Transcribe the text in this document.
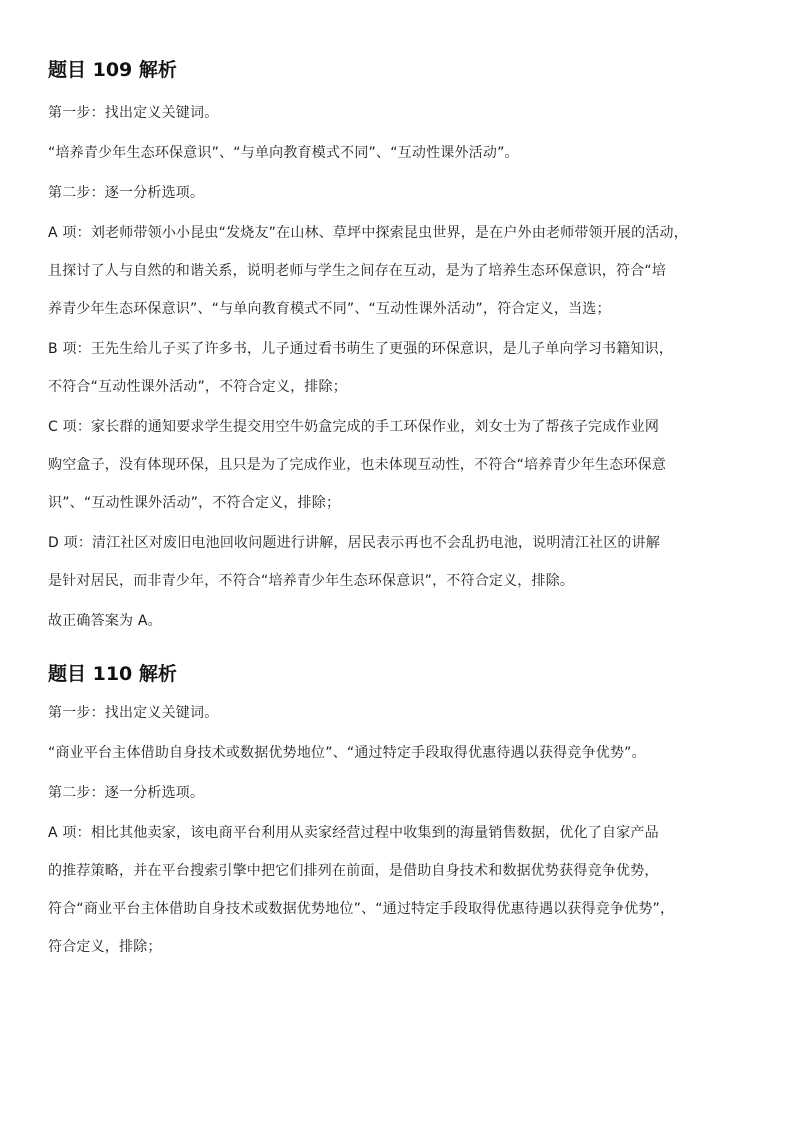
题目 109 解析

第一步：找出定义关键词。

“培养青少年生态环保意识”、“与单向教育模式不同”、“互动性课外活动”。

第二步：逐一分析选项。

A 项：刘老师带领小小昆虫“发烧友”在山林、草坪中探索昆虫世界，是在户外由老师带领开展的活动，

且探讨了人与自然的和谐关系，说明老师与学生之间存在互动，是为了培养生态环保意识，符合“培

养青少年生态环保意识”、“与单向教育模式不同”、“互动性课外活动”，符合定义，当选；

B 项：王先生给儿子买了许多书，儿子通过看书萌生了更强的环保意识，是儿子单向学习书籍知识，

不符合“互动性课外活动”，不符合定义，排除；

C 项：家长群的通知要求学生提交用空牛奶盒完成的手工环保作业，刘女士为了帮孩子完成作业网

购空盒子，没有体现环保，且只是为了完成作业，也未体现互动性，不符合“培养青少年生态环保意

识”、“互动性课外活动”，不符合定义，排除；

D 项：清江社区对废旧电池回收问题进行讲解，居民表示再也不会乱扔电池，说明清江社区的讲解

是针对居民，而非青少年，不符合“培养青少年生态环保意识”，不符合定义，排除。

故正确答案为 A。

题目 110 解析

第一步：找出定义关键词。

“商业平台主体借助自身技术或数据优势地位”、“通过特定手段取得优惠待遇以获得竞争优势”。

第二步：逐一分析选项。

A 项：相比其他卖家，该电商平台利用从卖家经营过程中收集到的海量销售数据，优化了自家产品

的推荐策略，并在平台搜索引擎中把它们排列在前面，是借助自身技术和数据优势获得竞争优势，

符合“商业平台主体借助自身技术或数据优势地位”、“通过特定手段取得优惠待遇以获得竞争优势”，

符合定义，排除；
